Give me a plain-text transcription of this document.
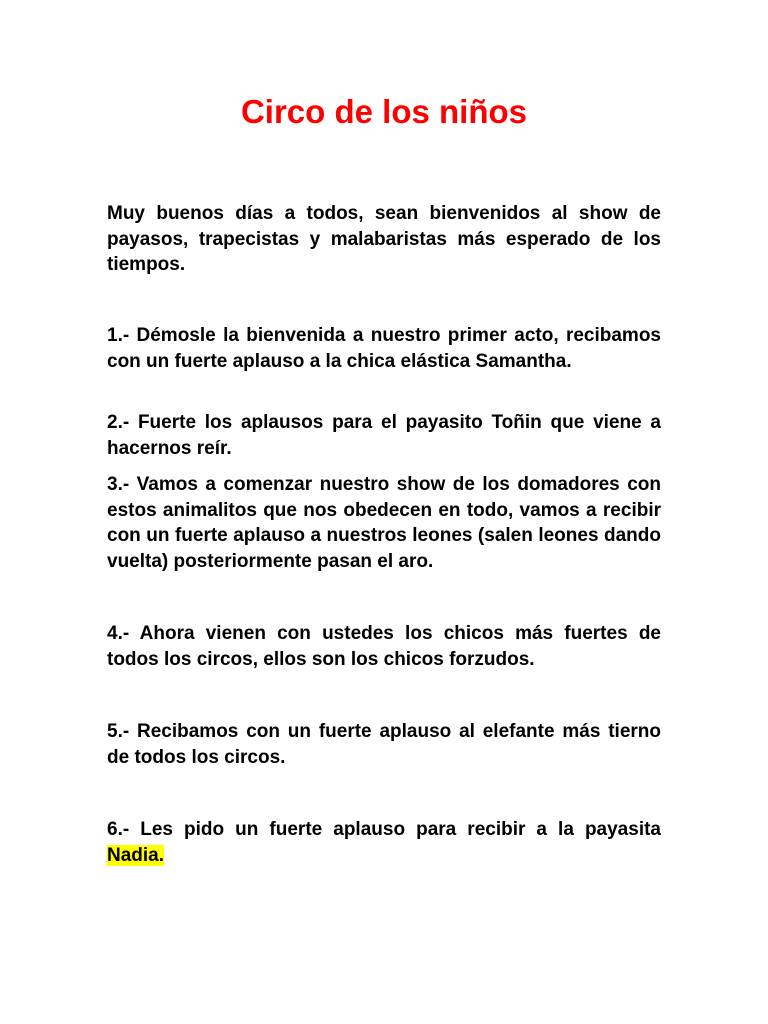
Circo de los niños

Muy buenos días a todos, sean bienvenidos al show de payasos, trapecistas y malabaristas más esperado de los tiempos.

1.- Démosle la bienvenida a nuestro primer acto, recibamos con un fuerte aplauso a la chica elástica Samantha.

2.- Fuerte los aplausos para el payasito Toñin que viene a hacernos reír.

3.- Vamos a comenzar nuestro show de los domadores con estos animalitos que nos obedecen en todo, vamos a recibir con un fuerte aplauso a nuestros leones (salen leones dando vuelta) posteriormente pasan el aro.

4.- Ahora vienen con ustedes los chicos más fuertes de todos los circos, ellos son los chicos forzudos.

5.- Recibamos con un fuerte aplauso al elefante más tierno de todos los circos.

6.- Les pido un fuerte aplauso para recibir a la payasita Nadia.
